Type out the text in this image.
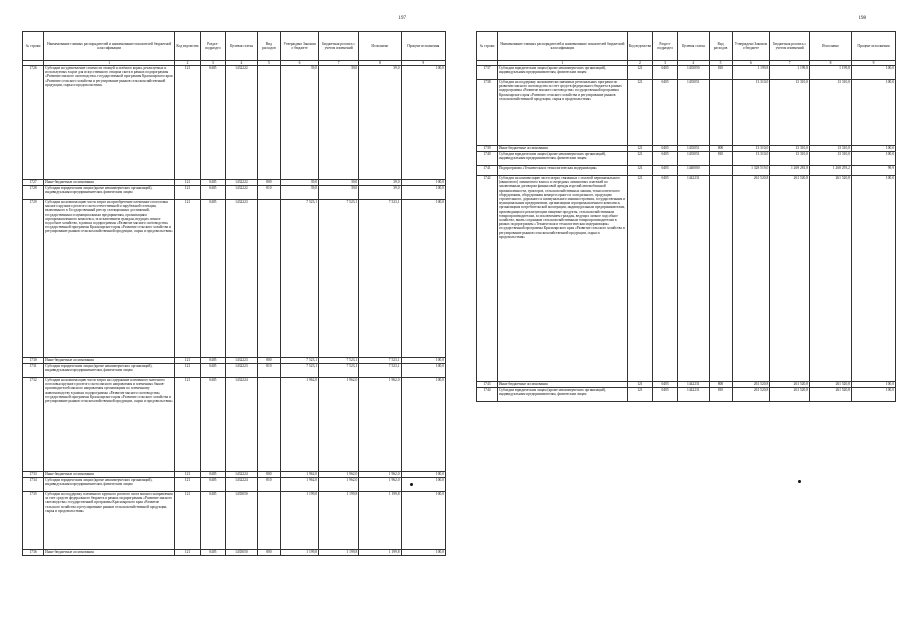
197
№ строки	Наименование главных распорядителей и наименование показателей бюджетной классификации	Код ведомства	Раздел-подраздел	Целевая статья	Вид расходов	Утверждено Законом о бюджете	Бюджетная роспись с учетом изменений	Исполнено	Процент исполнения
	1	2	3	4	5	6	7	8	9
1726	Субсидии на удешевление стоимости овощей и зелёного корма, реализуемых и используемых в крае для искусственного откорма скота в рамках подпрограммы «Развитие мясного скотоводства» государственной программы Красноярского края «Развитие сельского хозяйства и регулирование рынков сельскохозяйственной продукции, сырья и продовольствия»	121	0405	1432222		39,0	39,0	39,0	100,0
1727	Иные бюджетные ассигнования	121	0405	1432222	800	39,0	39,0	39,0	100,0
1728	Субсидии юридическим лицам (кроме некоммерческих организаций), индивидуальным предпринимателям, физическим лицам	121	0405	1432222	810	39,0	39,0	39,0	100,0
1729	Субсидии на компенсацию части затрат на приобретение племенного поголовья мясного крупного рогатого скота отечественной и зарубежной селекции, включенного в Государственный реестр селекционных достижений, государственным и муниципальным предприятиям, организациям агропромышленного комплекса, за исключением граждан, ведущих личное подсобное хозяйство, в рамках подпрограммы «Развитие мясного скотоводства» государственной программы Красноярского края «Развитие сельского хозяйства и регулирование рынков сельскохозяйственной продукции, сырья и продовольствия»	121	0405	1432223		7 523,1	7 523,1	7 523,1	100,0
1730	Иные бюджетные ассигнования	121	0405	1432223	800	7 523,1	7 523,1	7 523,1	100,0
1731	Субсидии юридическим лицам (кроме некоммерческих организаций), индивидуальным предпринимателям, физическим лицам	121	0405	1432223	810	7 523,1	7 523,1	7 523,1	100,0
1732	Субсидии на компенсацию части затрат на содержание племенного маточного поголовья крупного рогатого скота мясного направления и племенных быков-производителей мясного направления организациям по племенному животноводству в рамках подпрограммы «Развитие мясного скотоводства» государственной программы Красноярского края «Развитие сельского хозяйства и регулирование рынков сельскохозяйственной продукции, сырья и продовольствия»	121	0405	1432224		1 962,0	1 962,0	1 962,0	100,0
1733	Иные бюджетные ассигнования	121	0405	1432224	800	1 962,0	1 962,0	1 962,0	100,0
1734	Субсидии юридическим лицам (кроме некоммерческих организаций), индивидуальным предпринимателям, физическим лицам	121	0405	1432224	810	1 962,0	1 962,0	1 962,0	100,0
1735	Субсидии на поддержку племенного крупного рогатого скота мясного направления за счет средств федерального бюджета в рамках подпрограммы «Развитие мясного скотоводства» государственной программы Красноярского края «Развитие сельского хозяйства и регулирование рынков сельскохозяйственной продукции, сырья и продовольствия»	121	0405	1435050		1 199,8	1 199,8	1 199,8	100,0
1736	Иные бюджетные ассигнования	121	0405	1435050	800	1 199,8	1 199,8	1 199,8	100,0
198
№ строки	Наименование главных распорядителей и наименование показателей бюджетной классификации	Код ведомства	Раздел-подраздел	Целевая статья	Вид расходов	Утверждено Законом о бюджете	Бюджетная роспись с учетом изменений	Исполнено	Процент исполнения
	1	2	3	4	5	6	7	8	9
1737	Субсидии юридическим лицам (кроме некоммерческих организаций), индивидуальным предпринимателям, физическим лицам	121	0405	1435050	810	1 199,8	1 199,8	1 199,8	100,0
1738	Субсидии на поддержку экономически значимых региональных программ по развитию мясного скотоводства за счет средств федерального бюджета в рамках подпрограммы «Развитие мясного скотоводства» государственной программы Красноярского края «Развитие сельского хозяйства и регулирование рынков сельскохозяйственной продукции, сырья и продовольствия»	121	0405	1435051		13 310,0	13 310,0	13 310,0	100,0
1739	Иные бюджетные ассигнования	121	0405	1435051	800	13 310,0	13 310,0	13 310,0	100,0
1740	Субсидии юридическим лицам (кроме некоммерческих организаций), индивидуальным предпринимателям, физическим лицам	121	0405	1435051	810	13 310,0	13 310,0	13 310,0	100,0
1741	Подпрограмма «Техническая и технологическая модернизация»	121	0405	1440000		1 328 519,0	1 269 281,8	1 268 293,2	99,9
1742	Субсидии на компенсацию части затрат, связанных с оплатой первоначального (авансового) лизингового взноса и очередных лизинговых платежей по заключенным договорам финансовой аренды изделий автомобильной промышленности, тракторов, сельскохозяйственных машин, технологического оборудования, оборудования компрессорного и холодильного, продукции строительного, дорожного и коммунального машиностроения, государственным и муниципальным предприятиям, организациям агропромышленного комплекса, организациям потребительской кооперации, индивидуальным предпринимателям, производящим и реализующим пищевые продукты, сельскохозяйственным товаропроизводителям, за исключением граждан, ведущих личное подсобное хозяйство, вновь созданным сельскохозяйственным товаропроизводителям в рамках подпрограммы «Техническая и технологическая модернизация» государственной программы Красноярского края «Развитие сельского хозяйства и регулирование рынков сельскохозяйственной продукции, сырья и продовольствия»	121	0405	1442231		261 520,8	261 520,8	261 520,8	100,0
1743	Иные бюджетные ассигнования	121	0405	1442231	800	261 520,8	261 520,8	261 520,8	100,0
1744	Субсидии юридическим лицам (кроме некоммерческих организаций), индивидуальным предпринимателям, физическим лицам	121	0405	1442231	810	261 520,8	261 520,8	261 520,8	100,0
